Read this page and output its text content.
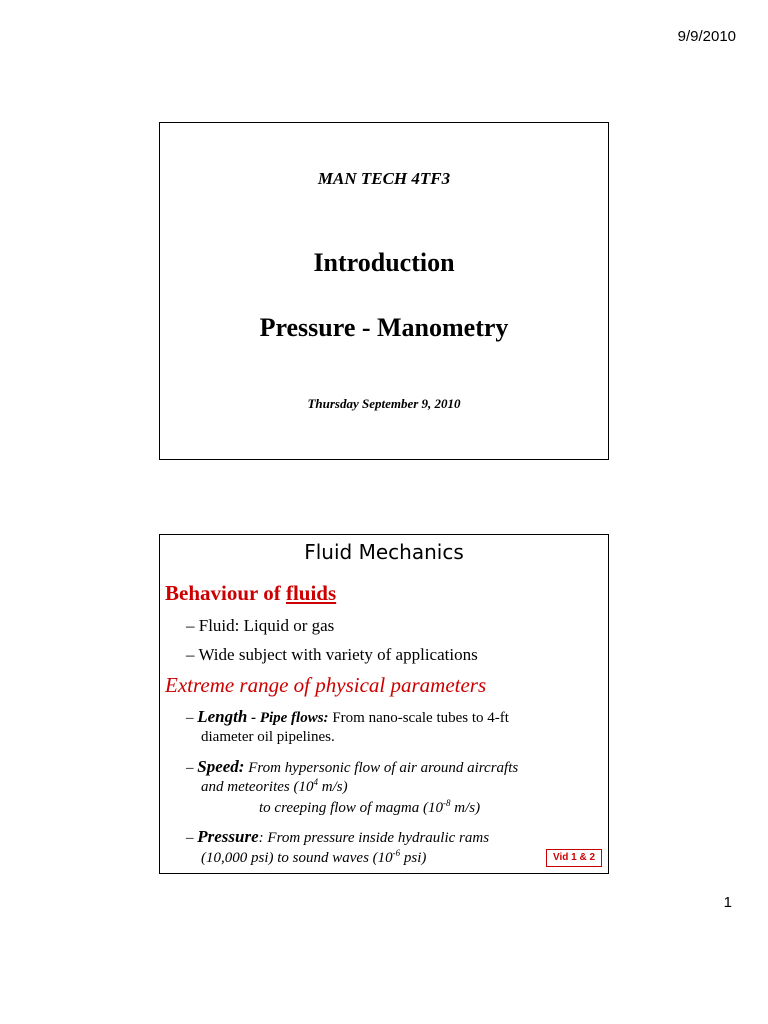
9/9/2010
MAN TECH 4TF3
Introduction
Pressure - Manometry
Thursday September 9, 2010
Fluid Mechanics
Behaviour of fluids
– Fluid: Liquid or gas
– Wide subject with variety of applications
Extreme range of physical parameters
– Length - Pipe flows: From nano-scale tubes to 4-ft
diameter oil pipelines.
– Speed: From hypersonic flow of air around aircrafts
and meteorites ($10^4$ m/s)
to creeping flow of magma ($10^{-8}$ m/s)
– Pressure: From pressure inside hydraulic rams
(10,000 psi) to sound waves ($10^{-6}$ psi)	Vid 1 & 2
1
